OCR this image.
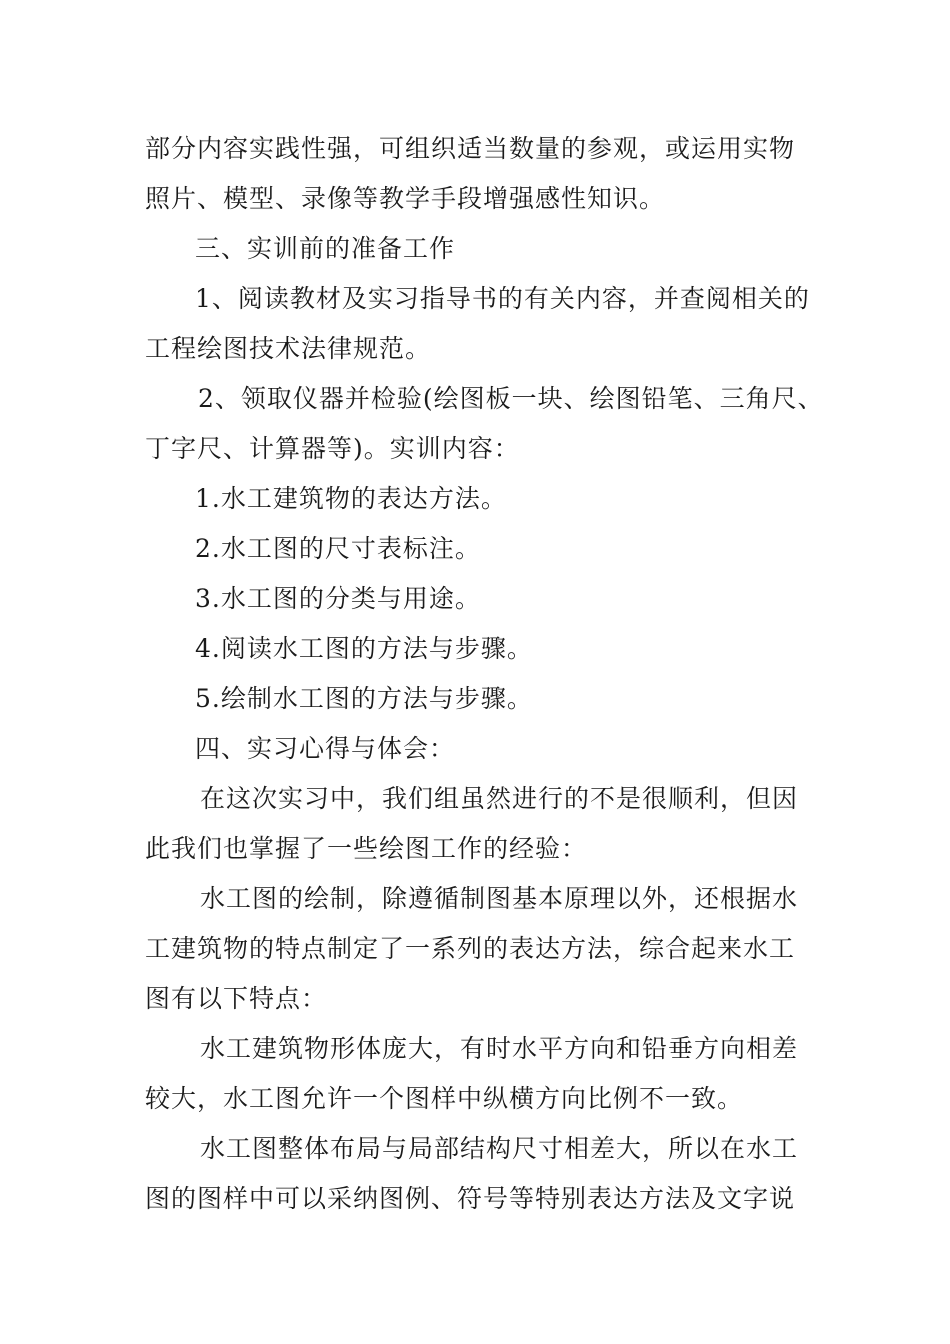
部分内容实践性强，可组织适当数量的参观，或运用实物
照片、模型、录像等教学手段增强感性知识。
三、实训前的准备工作
1、阅读教材及实习指导书的有关内容，并查阅相关的
工程绘图技术法律规范。
2、领取仪器并检验(绘图板一块、绘图铅笔、三角尺、
丁字尺、计算器等)。实训内容：
1.水工建筑物的表达方法。
2.水工图的尺寸表标注。
3.水工图的分类与用途。
4.阅读水工图的方法与步骤。
5.绘制水工图的方法与步骤。
四、实习心得与体会：
在这次实习中，我们组虽然进行的不是很顺利，但因
此我们也掌握了一些绘图工作的经验：
水工图的绘制，除遵循制图基本原理以外，还根据水
工建筑物的特点制定了一系列的表达方法，综合起来水工
图有以下特点：
水工建筑物形体庞大，有时水平方向和铅垂方向相差
较大，水工图允许一个图样中纵横方向比例不一致。
水工图整体布局与局部结构尺寸相差大，所以在水工
图的图样中可以采纳图例、符号等特别表达方法及文字说
